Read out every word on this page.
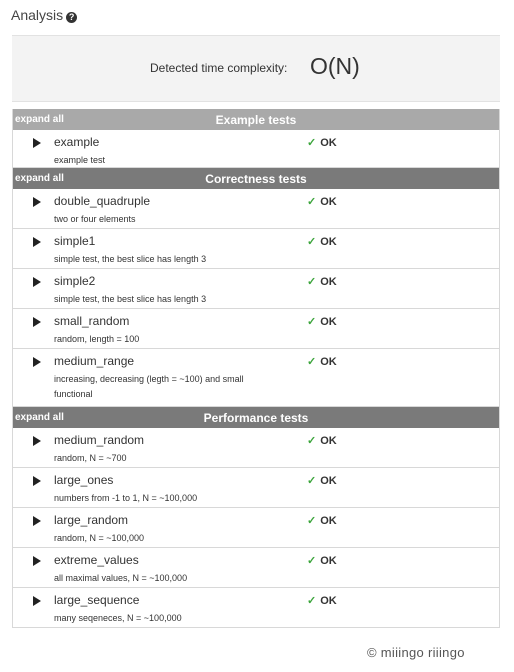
Analysis ?
Detected time complexity: O(N)
expand all	Example tests
example
example test
✓ OK
expand all	Correctness tests
double_quadruple
two or four elements
✓ OK
simple1
simple test, the best slice has length 3
✓ OK
simple2
simple test, the best slice has length 3
✓ OK
small_random
random, length = 100
✓ OK
medium_range
increasing, decreasing (legth = ~100) and small functional
✓ OK
expand all	Performance tests
medium_random
random, N = ~700
✓ OK
large_ones
numbers from -1 to 1, N = ~100,000
✓ OK
large_random
random, N = ~100,000
✓ OK
extreme_values
all maximal values, N = ~100,000
✓ OK
large_sequence
many seqeneces, N = ~100,000
✓ OK
© miiingo riiingo
